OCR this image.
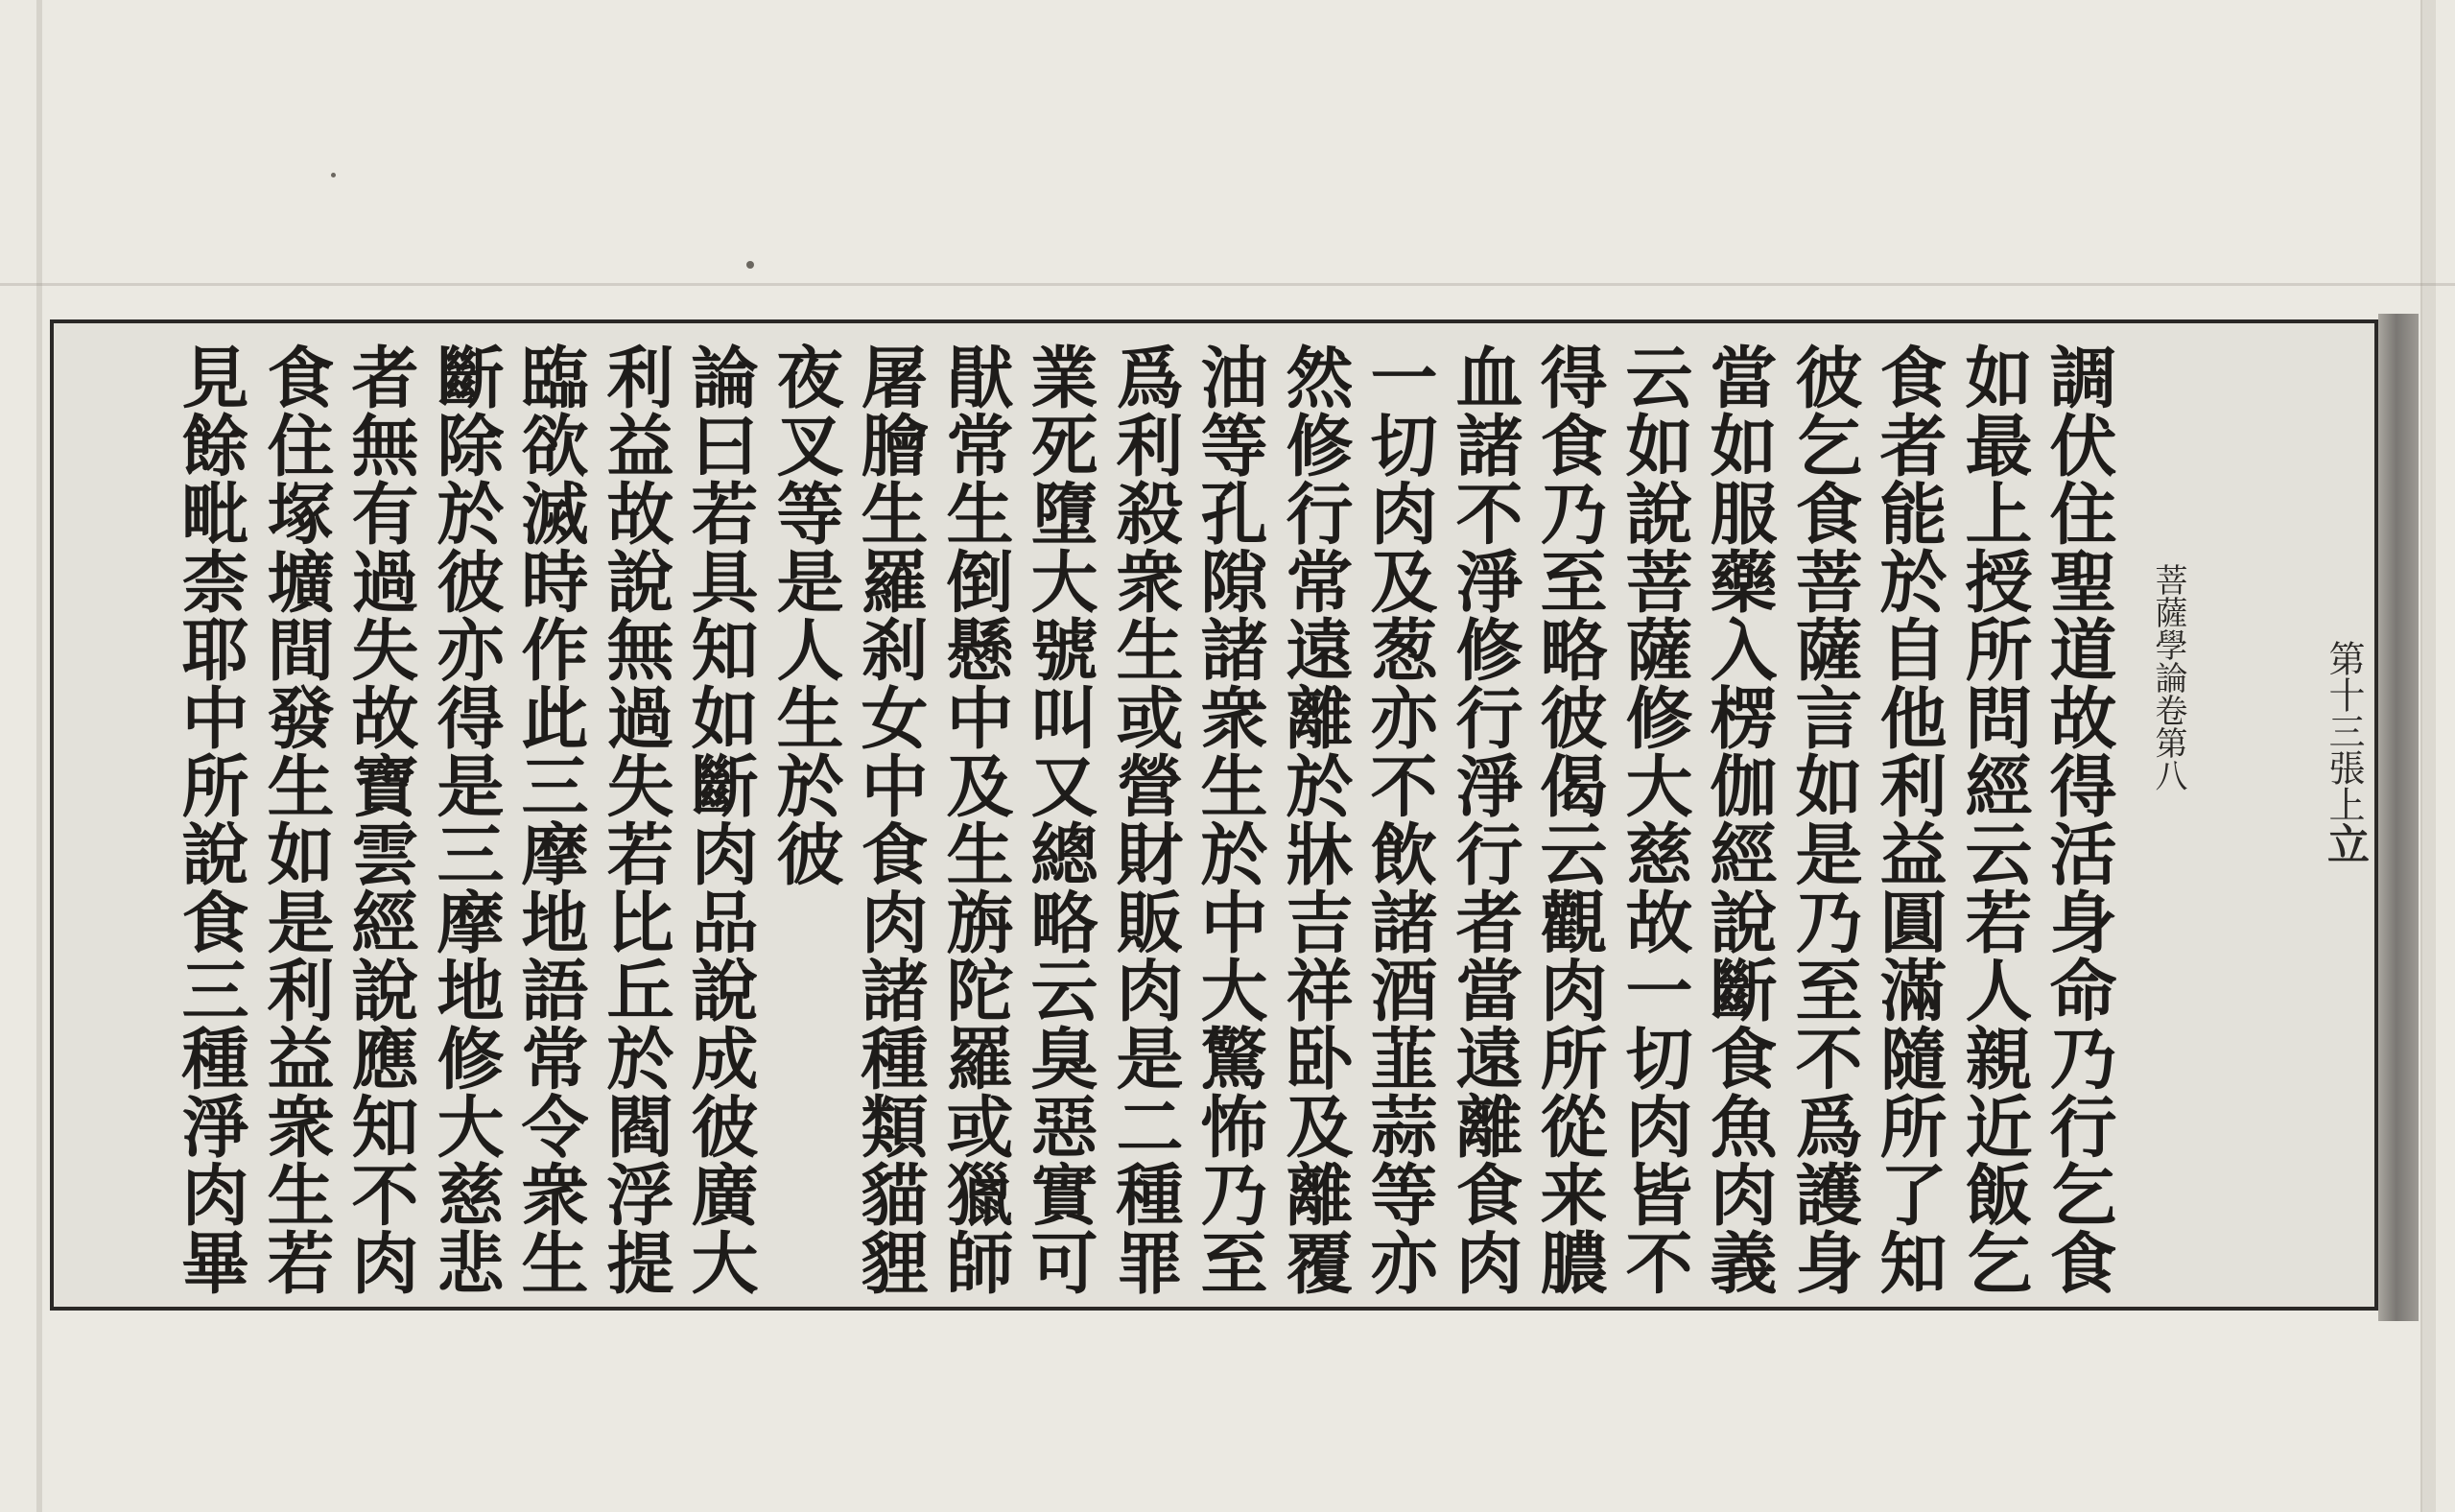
菩薩學論卷第八	第十三張上立
調伏住聖道故得活身命乃行乞食
如最上授所問經云若人親近飯乞
食者能於自他利益圓滿隨所了知
彼乞食菩薩言如是乃至不爲護身
當如服藥入楞伽經說斷食魚肉義
云如說菩薩修大慈故一切肉皆不
得食乃至略彼偈云觀肉所從来膿
血諸不淨修行淨行者當遠離食肉
一切肉及葱亦不飲諸酒韮蒜等亦
然修行常遠離於牀吉祥卧及離覆
油等孔隙諸衆生於中大驚怖乃至
爲利殺衆生或營財販肉是二種罪
業死墮大號叫又總略云臭惡實可
猒常生倒懸中及生旃陀羅或獵師
屠膾生羅刹女中食肉諸種類貓貍
夜叉等是人生於彼
論曰若具知如斷肉品說成彼廣大
利益故說無過失若比丘於閻浮提
臨欲滅時作此三摩地語常令衆生
斷除於彼亦得是三摩地修大慈悲
者無有過失故寶雲經說應知不肉
食住塚壙間發生如是利益衆生若
見餘毗柰耶中所說食三種淨肉畢
